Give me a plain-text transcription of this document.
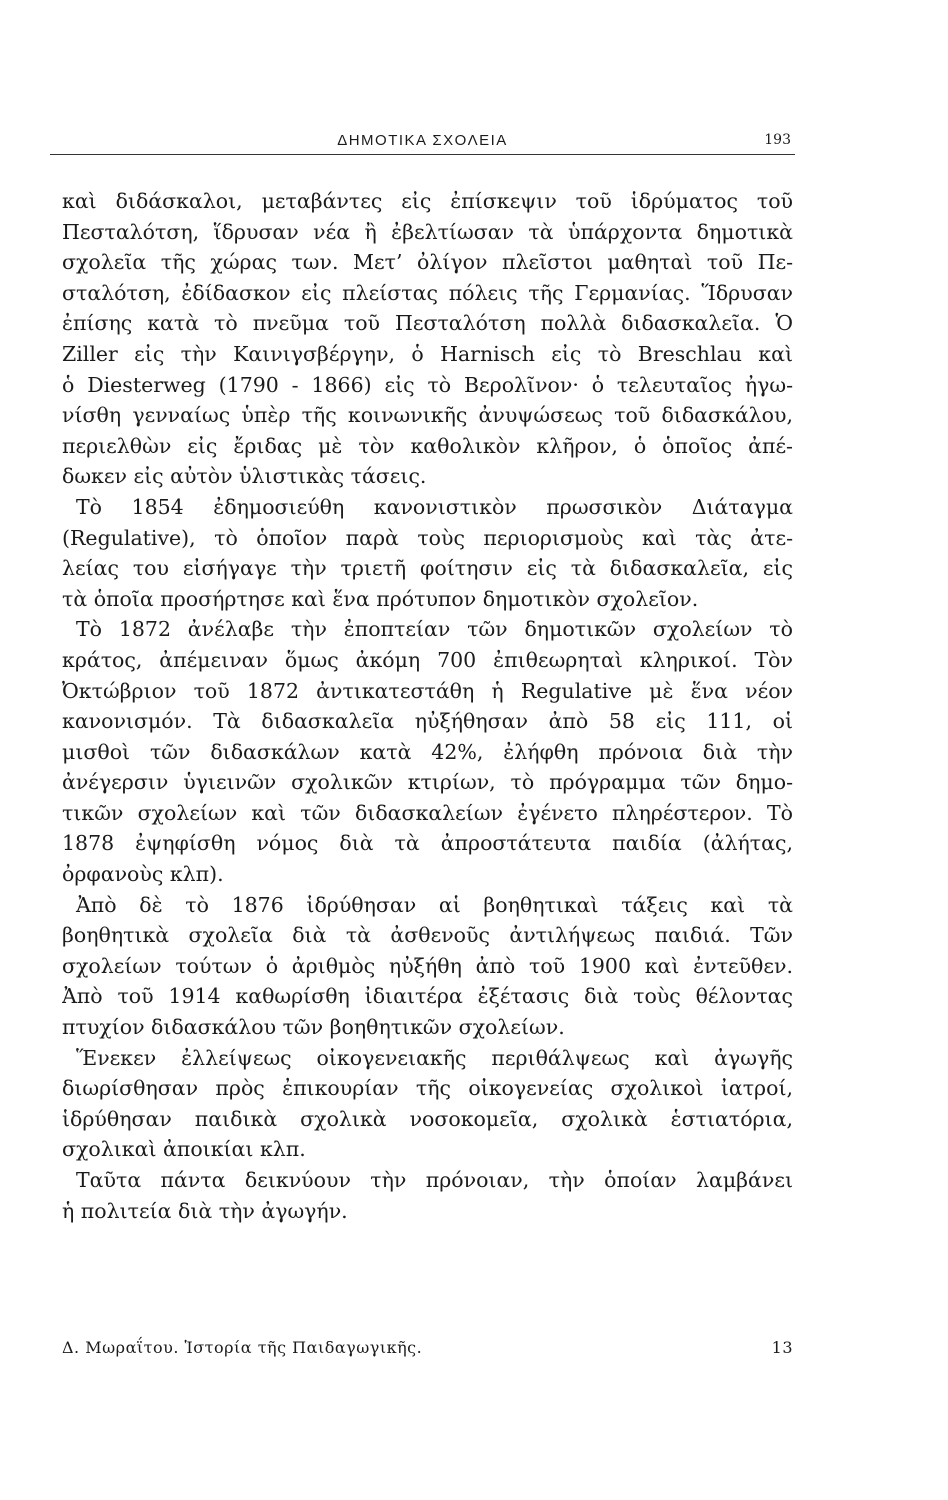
ΔΗΜΟΤΙΚΑ ΣΧΟΛΕΙΑ	193
καὶ διδάσκαλοι, μεταβάντες εἰς ἐπίσκεψιν τοῦ ἱδρύματος τοῦ
Πεσταλότση, ἵδρυσαν νέα ἢ ἐβελτίωσαν τὰ ὑπάρχοντα δημοτικὰ
σχολεῖα τῆς χώρας των. Μετ’ ὀλίγον πλεῖστοι μαθηταὶ τοῦ Πε-
σταλότση, ἐδίδασκον εἰς πλείστας πόλεις τῆς Γερμανίας. Ἵδρυσαν
ἐπίσης κατὰ τὸ πνεῦμα τοῦ Πεσταλότση πολλὰ διδασκαλεῖα. Ὁ
Ziller εἰς τὴν Καινιγσβέργην, ὁ Harnisch εἰς τὸ Breschlau καὶ
ὁ Diesterweg (1790 - 1866) εἰς τὸ Βερολῖνον· ὁ τελευταῖος ἠγω-
νίσθη γενναίως ὑπὲρ τῆς κοινωνικῆς ἀνυψώσεως τοῦ διδασκάλου,
περιελθὼν εἰς ἔριδας μὲ τὸν καθολικὸν κλῆρον, ὁ ὁποῖος ἀπέ-
δωκεν εἰς αὐτὸν ὑλιστικὰς τάσεις.
Τὸ 1854 ἐδημοσιεύθη κανονιστικὸν πρωσσικὸν Διάταγμα
(Regulative), τὸ ὁποῖον παρὰ τοὺς περιορισμοὺς καὶ τὰς ἀτε-
λείας του εἰσήγαγε τὴν τριετῆ φοίτησιν εἰς τὰ διδασκαλεῖα, εἰς
τὰ ὁποῖα προσήρτησε καὶ ἕνα πρότυπον δημοτικὸν σχολεῖον.
Τὸ 1872 ἀνέλαβε τὴν ἐποπτείαν τῶν δημοτικῶν σχολείων τὸ
κράτος, ἀπέμειναν ὅμως ἀκόμη 700 ἐπιθεωρηταὶ κληρικοί. Τὸν
Ὀκτώβριον τοῦ 1872 ἀντικατεστάθη ἡ Regulative μὲ ἕνα νέον
κανονισμόν. Τὰ διδασκαλεῖα ηὐξήθησαν ἀπὸ 58 εἰς 111, οἱ
μισθοὶ τῶν διδασκάλων κατὰ 42%, ἐλήφθη πρόνοια διὰ τὴν
ἀνέγερσιν ὑγιεινῶν σχολικῶν κτιρίων, τὸ πρόγραμμα τῶν δημο-
τικῶν σχολείων καὶ τῶν διδασκαλείων ἐγένετο πληρέστερον. Τὸ
1878 ἐψηφίσθη νόμος διὰ τὰ ἀπροστάτευτα παιδία (ἀλήτας,
ὀρφανοὺς κλπ).
Ἀπὸ δὲ τὸ 1876 ἱδρύθησαν αἱ βοηθητικαὶ τάξεις καὶ τὰ
βοηθητικὰ σχολεῖα διὰ τὰ ἀσθενοῦς ἀντιλήψεως παιδιά. Τῶν
σχολείων τούτων ὁ ἀριθμὸς ηὐξήθη ἀπὸ τοῦ 1900 καὶ ἐντεῦθεν.
Ἀπὸ τοῦ 1914 καθωρίσθη ἰδιαιτέρα ἐξέτασις διὰ τοὺς θέλοντας
πτυχίον διδασκάλου τῶν βοηθητικῶν σχολείων.
Ἕνεκεν ἐλλείψεως οἰκογενειακῆς περιθάλψεως καὶ ἀγωγῆς
διωρίσθησαν πρὸς ἐπικουρίαν τῆς οἰκογενείας σχολικοὶ ἰατροί,
ἱδρύθησαν παιδικὰ σχολικὰ νοσοκομεῖα, σχολικὰ ἑστιατόρια,
σχολικαὶ ἀποικίαι κλπ.
Ταῦτα πάντα δεικνύουν τὴν πρόνοιαν, τὴν ὁποίαν λαμβάνει
ἡ πολιτεία διὰ τὴν ἀγωγήν.
Δ. Μωραΐτου. Ἱστορία τῆς Παιδαγωγικῆς.	13
